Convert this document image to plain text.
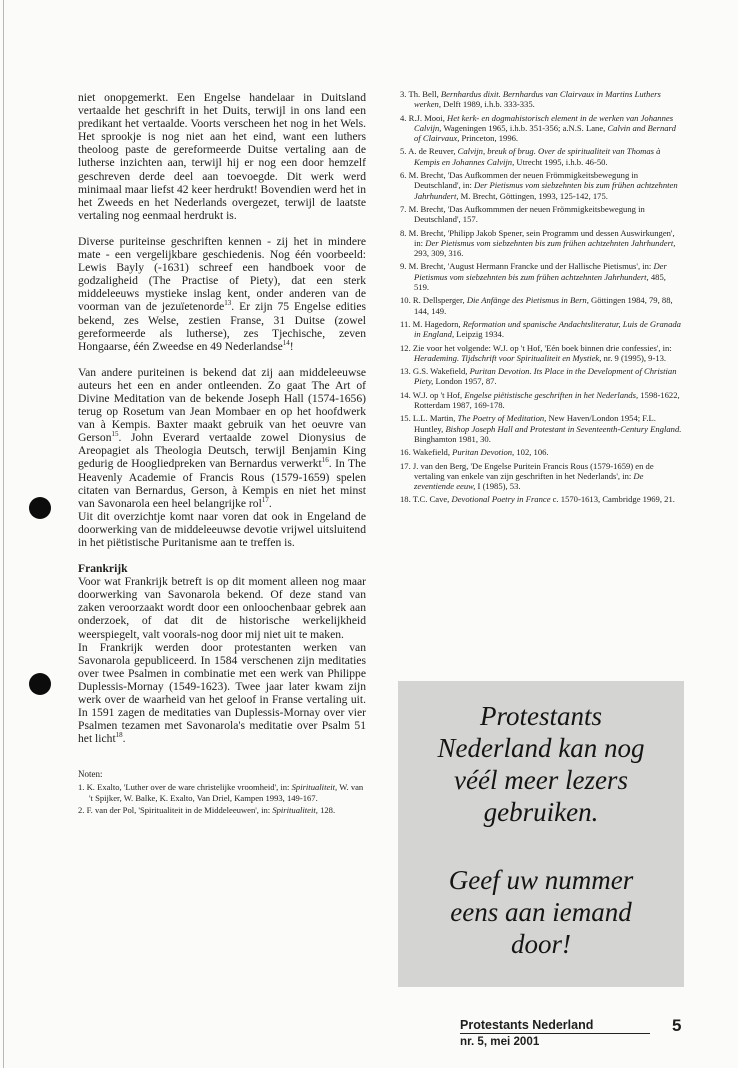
niet onopgemerkt. Een Engelse handelaar in Duitsland vertaalde het geschrift in het Duits, terwijl in ons land een predikant het vertaalde. Voorts verscheen het nog in het Wels. Het sprookje is nog niet aan het eind, want een luthers theoloog paste de gereformeerde Duitse vertaling aan de lutherse inzichten aan, terwijl hij er nog een door hemzelf geschreven derde deel aan toevoegde. Dit werk werd minimaal maar liefst 42 keer herdrukt! Bovendien werd het in het Zweeds en het Nederlands overgezet, terwijl de laatste vertaling nog eenmaal herdrukt is.

Diverse puriteinse geschriften kennen - zij het in mindere mate - een vergelijkbare geschiedenis. Nog één voorbeeld: Lewis Bayly (-1631) schreef een handboek voor de godzaligheid (The Practise of Piety), dat een sterk middeleeuws mystieke inslag kent, onder anderen van de voorman van de jezuïetenorde$^{13}$. Er zijn 75 Engelse edities bekend, zes Welse, zestien Franse, 31 Duitse (zowel gereformeerde als lutherse), zes Tjechische, zeven Hongaarse, één Zweedse en 49 Nederlandse$^{14}$!

Van andere puriteinen is bekend dat zij aan middeleeuwse auteurs het een en ander ontleenden. Zo gaat The Art of Divine Meditation van de bekende Joseph Hall (1574-1656) terug op Rosetum van Jean Mombaer en op het hoofdwerk van à Kempis. Baxter maakt gebruik van het oeuvre van Gerson$^{15}$. John Everard vertaalde zowel Dionysius de Areopagiet als Theologia Deutsch, terwijl Benjamin King gedurig de Hoogliedpreken van Bernardus verwerkt$^{16}$. In The Heavenly Academie of Francis Rous (1579-1659) spelen citaten van Bernardus, Gerson, à Kempis en niet het minst van Savonarola een heel belangrijke rol$^{17}$.

Uit dit overzichtje komt naar voren dat ook in Engeland de doorwerking van de middeleeuwse devotie vrijwel uitsluitend in het piëtistische Puritanisme aan te treffen is.

Frankrijk

Voor wat Frankrijk betreft is op dit moment alleen nog maar doorwerking van Savonarola bekend. Of deze stand van zaken veroorzaakt wordt door een onloochenbaar gebrek aan onderzoek, of dat dit de historische werkelijkheid weerspiegelt, valt voorals-nog door mij niet uit te maken.

In Frankrijk werden door protestanten werken van Savonarola gepubliceerd. In 1584 verschenen zijn meditaties over twee Psalmen in combinatie met een werk van Philippe Duplessis-Mornay (1549-1623). Twee jaar later kwam zijn werk over de waarheid van het geloof in Franse vertaling uit. In 1591 zagen de meditaties van Duplessis-Mornay over vier Psalmen tezamen met Savonarola's meditatie over Psalm 51 het licht$^{18}$.

Noten:

1. K. Exalto, 'Luther over de ware christelijke vroomheid', in: Spiritualiteit, W. van 't Spijker, W. Balke, K. Exalto, Van Driel, Kampen 1993, 149-167.

2. F. van der Pol, 'Spiritualiteit in de Middeleeuwen', in: Spiritualiteit, 128.

3. Th. Bell, Bernhardus dixit. Bernhardus van Clairvaux in Martins Luthers werken, Delft 1989, i.h.b. 333-335.

4. R.J. Mooi, Het kerk- en dogmahistorisch element in de werken van Johannes Calvijn, Wageningen 1965, i.h.b. 351-356; a.N.S. Lane, Calvin and Bernard of Clairvaux, Princeton, 1996.

5. A. de Reuver, Calvijn, breuk of brug. Over de spiritualiteit van Thomas à Kempis en Johannes Calvijn, Utrecht 1995, i.h.b. 46-50.

6. M. Brecht, 'Das Aufkommen der neuen Frömmigkeitsbewegung in Deutschland', in: Der Pietismus vom siebzehnten bis zum frühen achtzehnten Jahrhundert, M. Brecht, Göttingen, 1993, 125-142, 175.

7. M. Brecht, 'Das Aufkommmen der neuen Frömmigkeitsbewegung in Deutschland', 157.

8. M. Brecht, 'Philipp Jakob Spener, sein Programm und dessen Auswirkungen', in: Der Pietismus vom siebzehnten bis zum frühen achtzehnten Jahrhundert, 293, 309, 316.

9. M. Brecht, 'August Hermann Francke und der Hallische Pietismus', in: Der Pietismus vom siebzehnten bis zum frühen achtzehnten Jahrhundert, 485, 519.

10. R. Dellsperger, Die Anfänge des Pietismus in Bern, Göttingen 1984, 79, 88, 144, 149.

11. M. Hagedorn, Reformation und spanische Andachtsliteratur, Luis de Granada in England, Leipzig 1934.

12. Zie voor het volgende: W.J. op 't Hof, 'Eén boek binnen drie confessies', in: Herademing. Tijdschrift voor Spiritualiteit en Mystiek, nr. 9 (1995), 9-13.

13. G.S. Wakefield, Puritan Devotion. Its Place in the Development of Christian Piety, London 1957, 87.

14. W.J. op 't Hof, Engelse piëtistische geschriften in het Nederlands, 1598-1622, Rotterdam 1987, 169-178.

15. L.L. Martin, The Poetry of Meditation, New Haven/London 1954; F.L. Huntley, Bishop Joseph Hall and Protestant in Seventeenth-Century England. Binghamton 1981, 30.

16. Wakefield, Puritan Devotion, 102, 106.

17. J. van den Berg, 'De Engelse Puritein Francis Rous (1579-1659) en de vertaling van enkele van zijn geschriften in het Nederlands', in: De zeventiende eeuw, I (1985), 53.

18. T.C. Cave, Devotional Poetry in France c. 1570-1613, Cambridge 1969, 21.

Protestants

Nederland kan nog

véél meer lezers

gebruiken.

Geef uw nummer

eens aan iemand

door!

Protestants Nederland
nr. 5, mei 2001
5
